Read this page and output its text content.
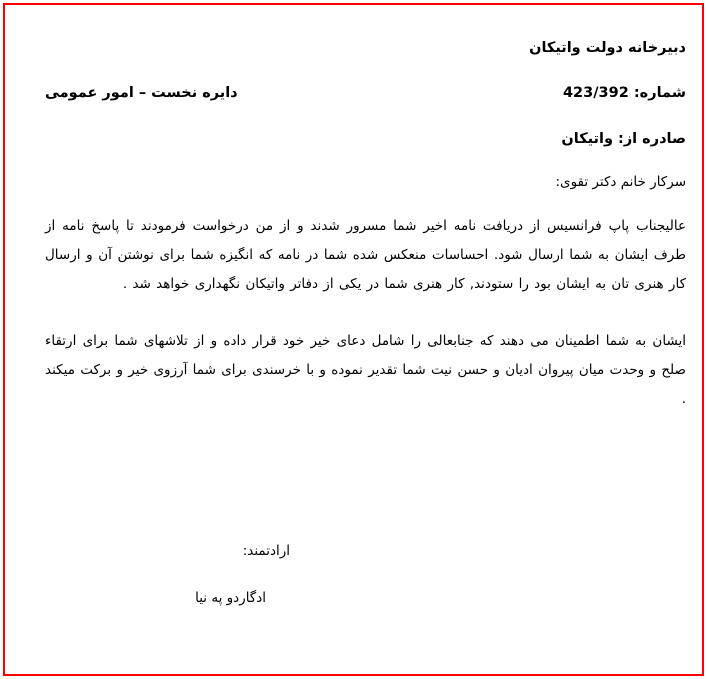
دبیرخانه دولت واتیکان
دایره نخست – امور عمومی	شماره: 423/392
صادره از: واتیکان
سرکار خانم دکتر تقوی:
عالیجناب پاپ فرانسیس از دریافت نامه اخیر شما مسرور شدند و از من درخواست فرمودند تا پاسخ نامه از طرف ایشان به شما ارسال شود. احساسات منعکس شده شما در نامه که انگیزه شما برای نوشتن آن و ارسال کار هنری تان به ایشان بود را ستودند, کار هنری شما در یکی از دفاتر واتیکان نگهداری خواهد شد .
ایشان به شما اطمینان می دهند که جنابعالی را شامل دعای خیر خود قرار داده و از تلاشهای شما برای ارتقاء صلح و وحدت میان پیروان ادیان و حسن نیت شما تقدیر نموده و با خرسندی برای شما آرزوی خیر و برکت میکند .
ارادتمند:
ادگاردو په نیا
